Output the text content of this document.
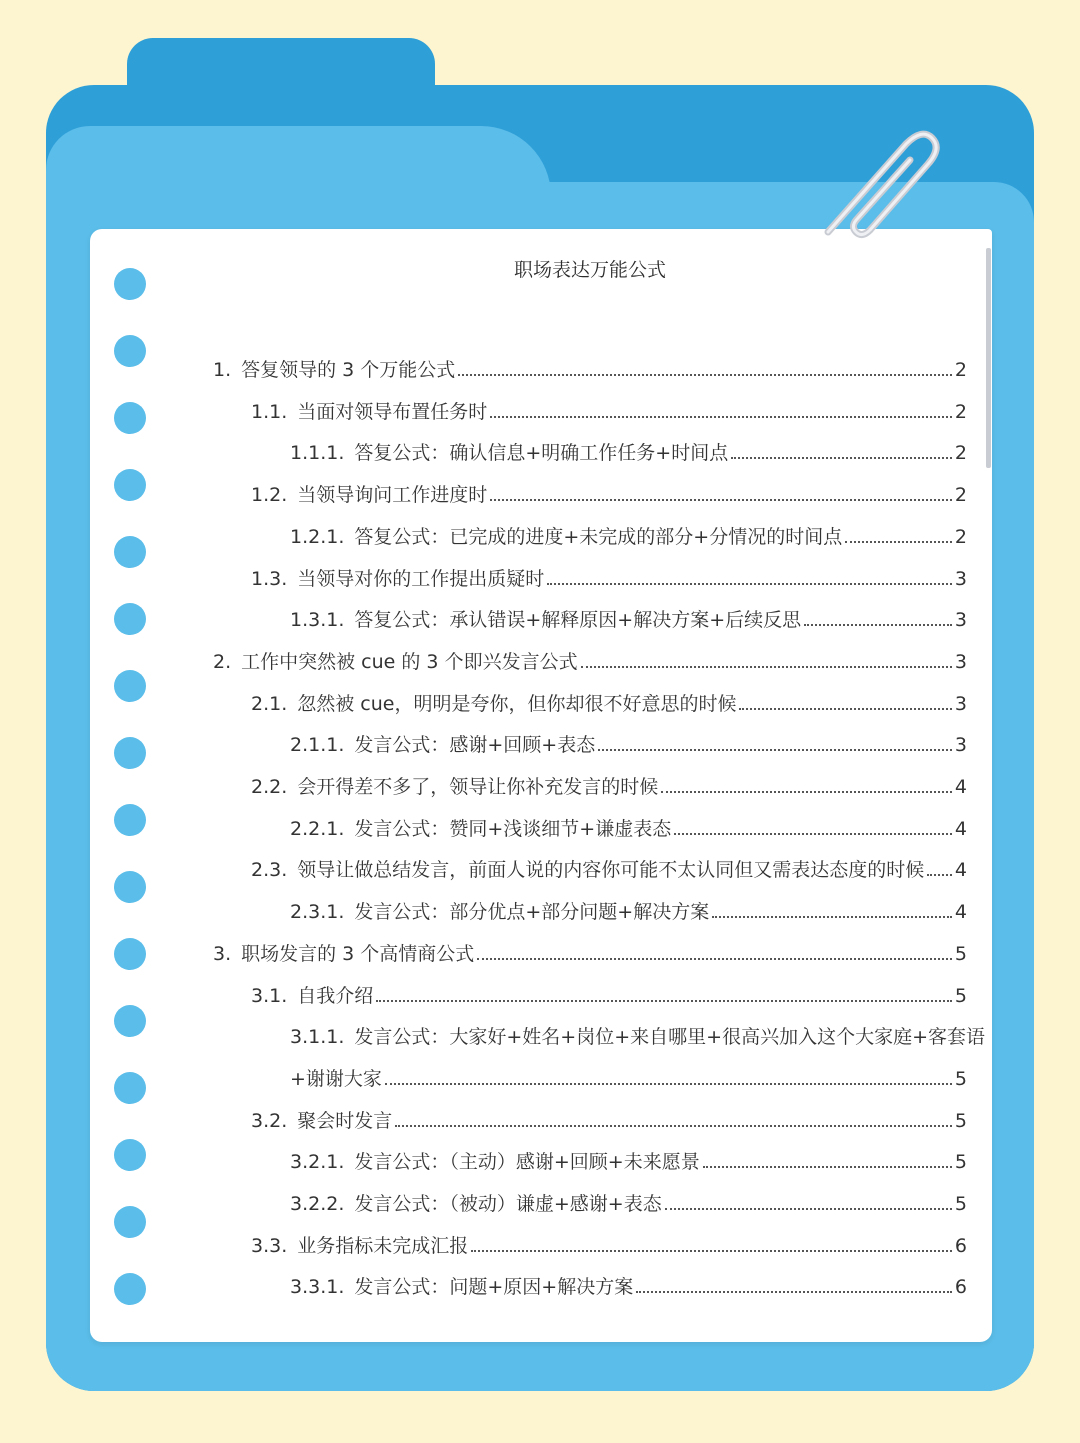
职场表达万能公式
1. 答复领导的 3 个万能公式	2
1.1. 当面对领导布置任务时	2
1.1.1. 答复公式：确认信息+明确工作任务+时间点	2
1.2. 当领导询问工作进度时	2
1.2.1. 答复公式：已完成的进度+未完成的部分+分情况的时间点	2
1.3. 当领导对你的工作提出质疑时	3
1.3.1. 答复公式：承认错误+解释原因+解决方案+后续反思	3
2. 工作中突然被 cue 的 3 个即兴发言公式	3
2.1. 忽然被 cue，明明是夸你，但你却很不好意思的时候	3
2.1.1. 发言公式：感谢+回顾+表态	3
2.2. 会开得差不多了，领导让你补充发言的时候	4
2.2.1. 发言公式：赞同+浅谈细节+谦虚表态	4
2.3. 领导让做总结发言，前面人说的内容你可能不太认同但又需表达态度的时候 4
2.3.1. 发言公式：部分优点+部分问题+解决方案	4
3. 职场发言的 3 个高情商公式	5
3.1. 自我介绍	5
3.1.1. 发言公式：大家好+姓名+岗位+来自哪里+很高兴加入这个大家庭+客套语
+谢谢大家	5
3.2. 聚会时发言	5
3.2.1. 发言公式：（主动）感谢+回顾+未来愿景	5
3.2.2. 发言公式：（被动）谦虚+感谢+表态	5
3.3. 业务指标未完成汇报	6
3.3.1. 发言公式：问题+原因+解决方案	6
